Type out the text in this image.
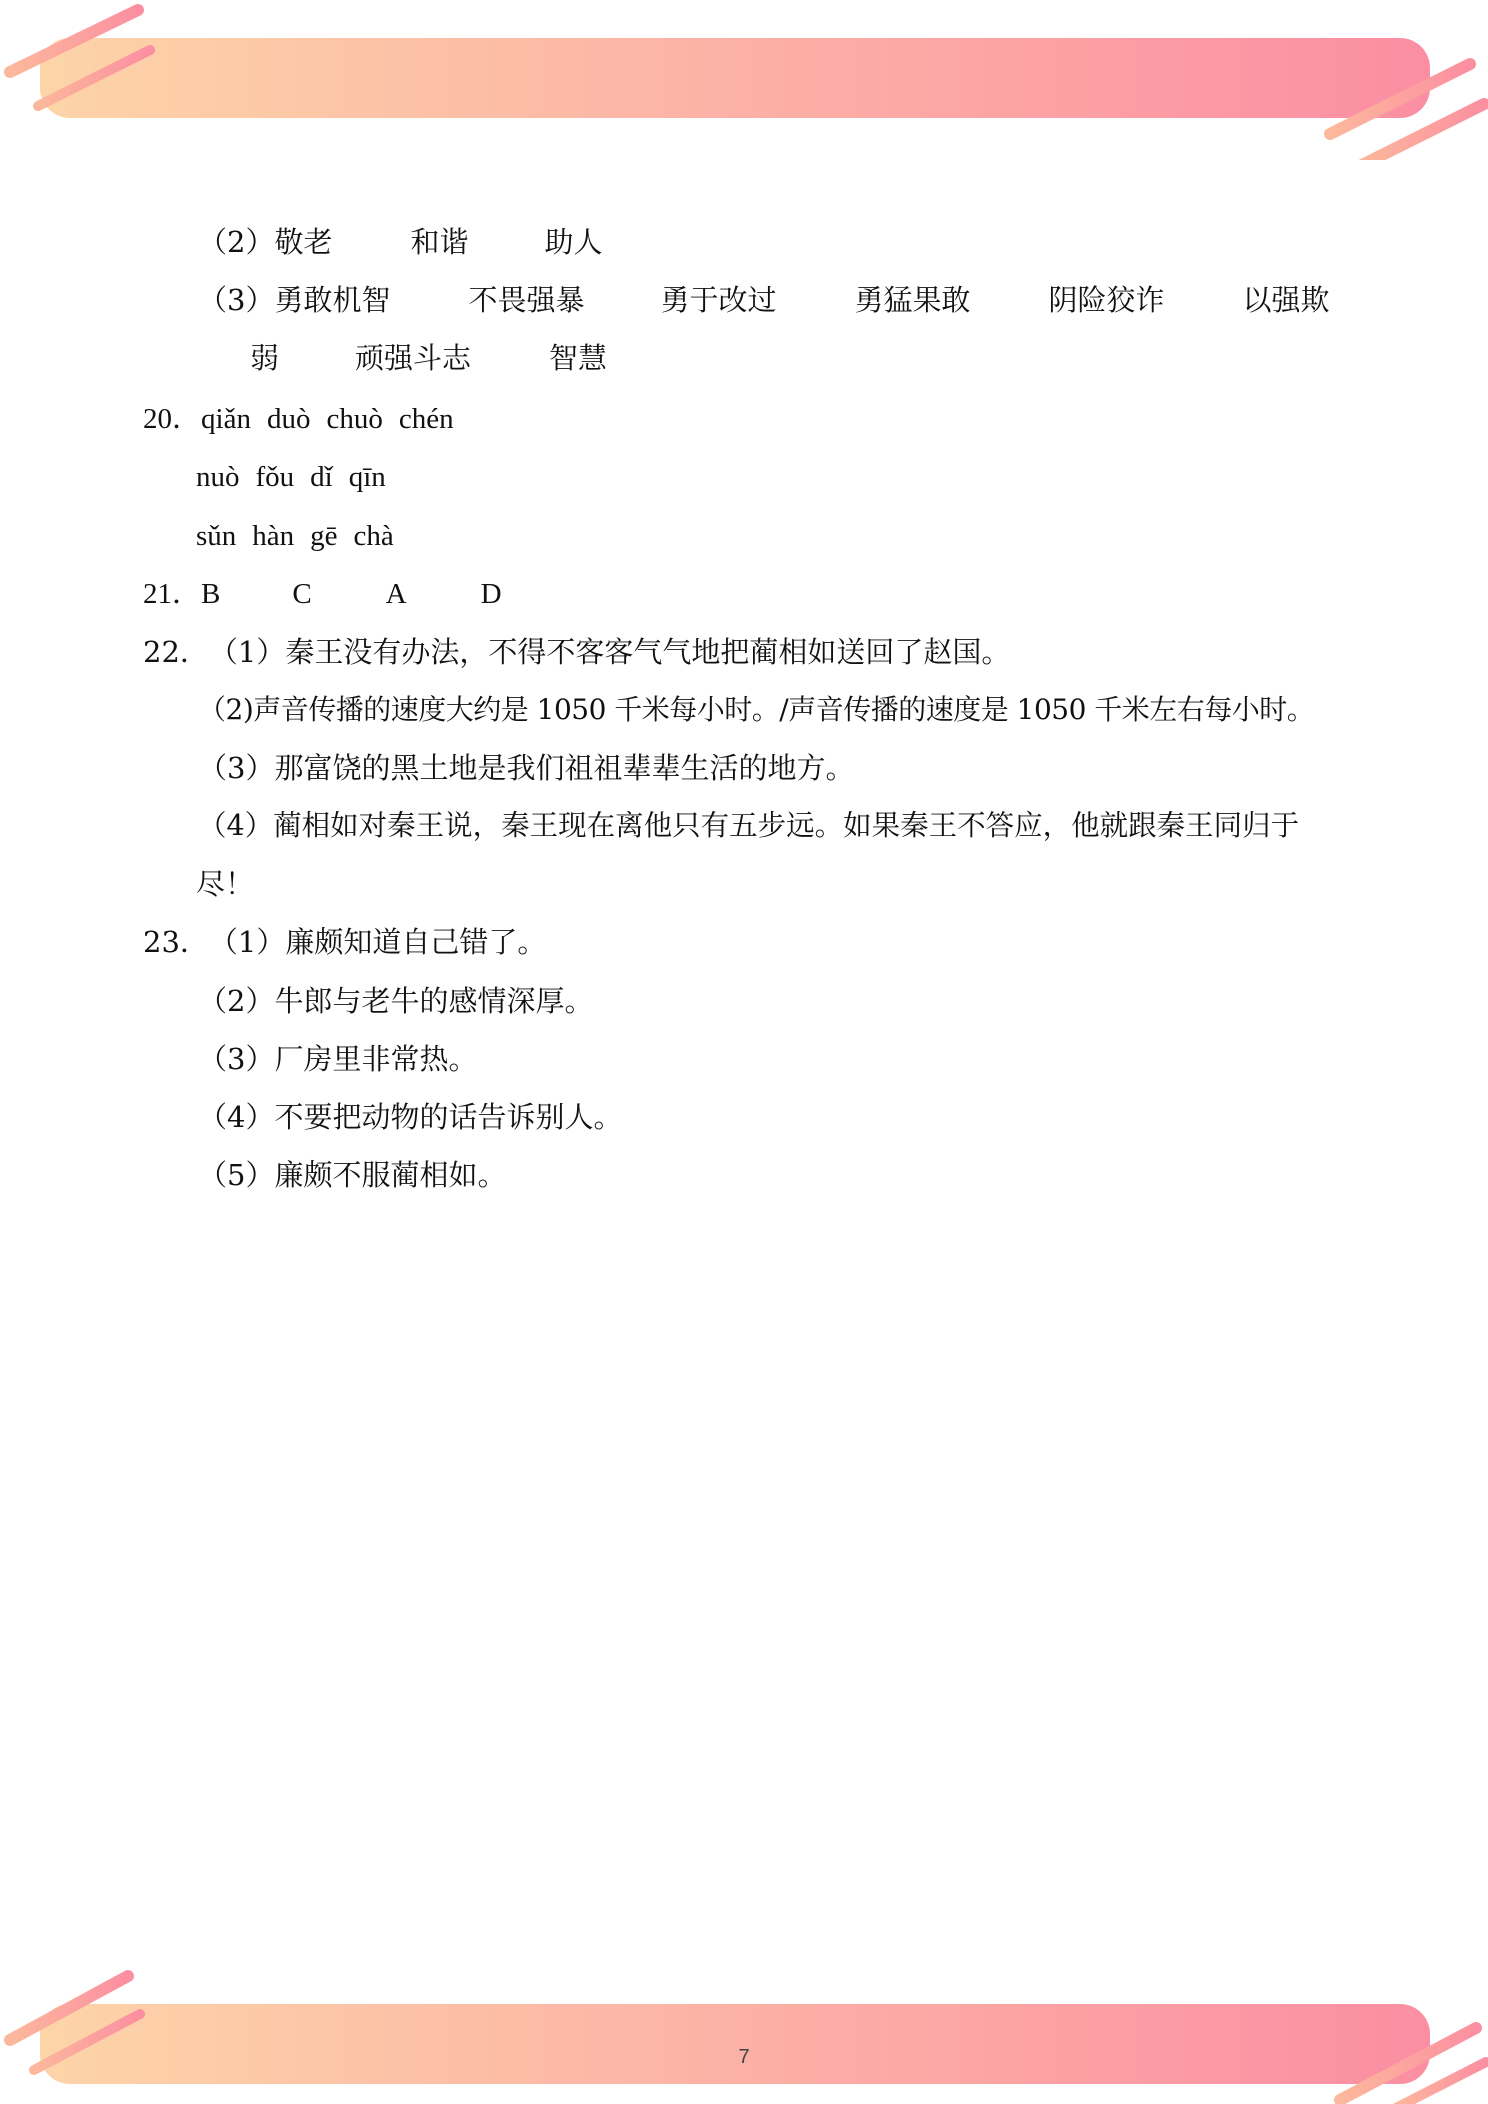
（2）敬老	和谐	助人
（3）勇敢机智	不畏强暴	勇于改过	勇猛果敢	阴险狡诈	以强欺
弱	顽强斗志	智慧
20．qiǎn duò chuò chén
nuò fǒu dǐ qīn
sǔn hàn gē chà
21．B C	A	D
22．（1）秦王没有办法，不得不客客气气地把蔺相如送回了赵国。
（2)声音传播的速度大约是 1050 千米每小时。/声音传播的速度是 1050 千米左右每小时。
（3）那富饶的黑土地是我们祖祖辈辈生活的地方。
（4）蔺相如对秦王说，秦王现在离他只有五步远。如果秦王不答应，他就跟秦王同归于
尽！
23．（1）廉颇知道自己错了。
（2）牛郎与老牛的感情深厚。
（3）厂房里非常热。
（4）不要把动物的话告诉别人。
（5）廉颇不服蔺相如。
7
